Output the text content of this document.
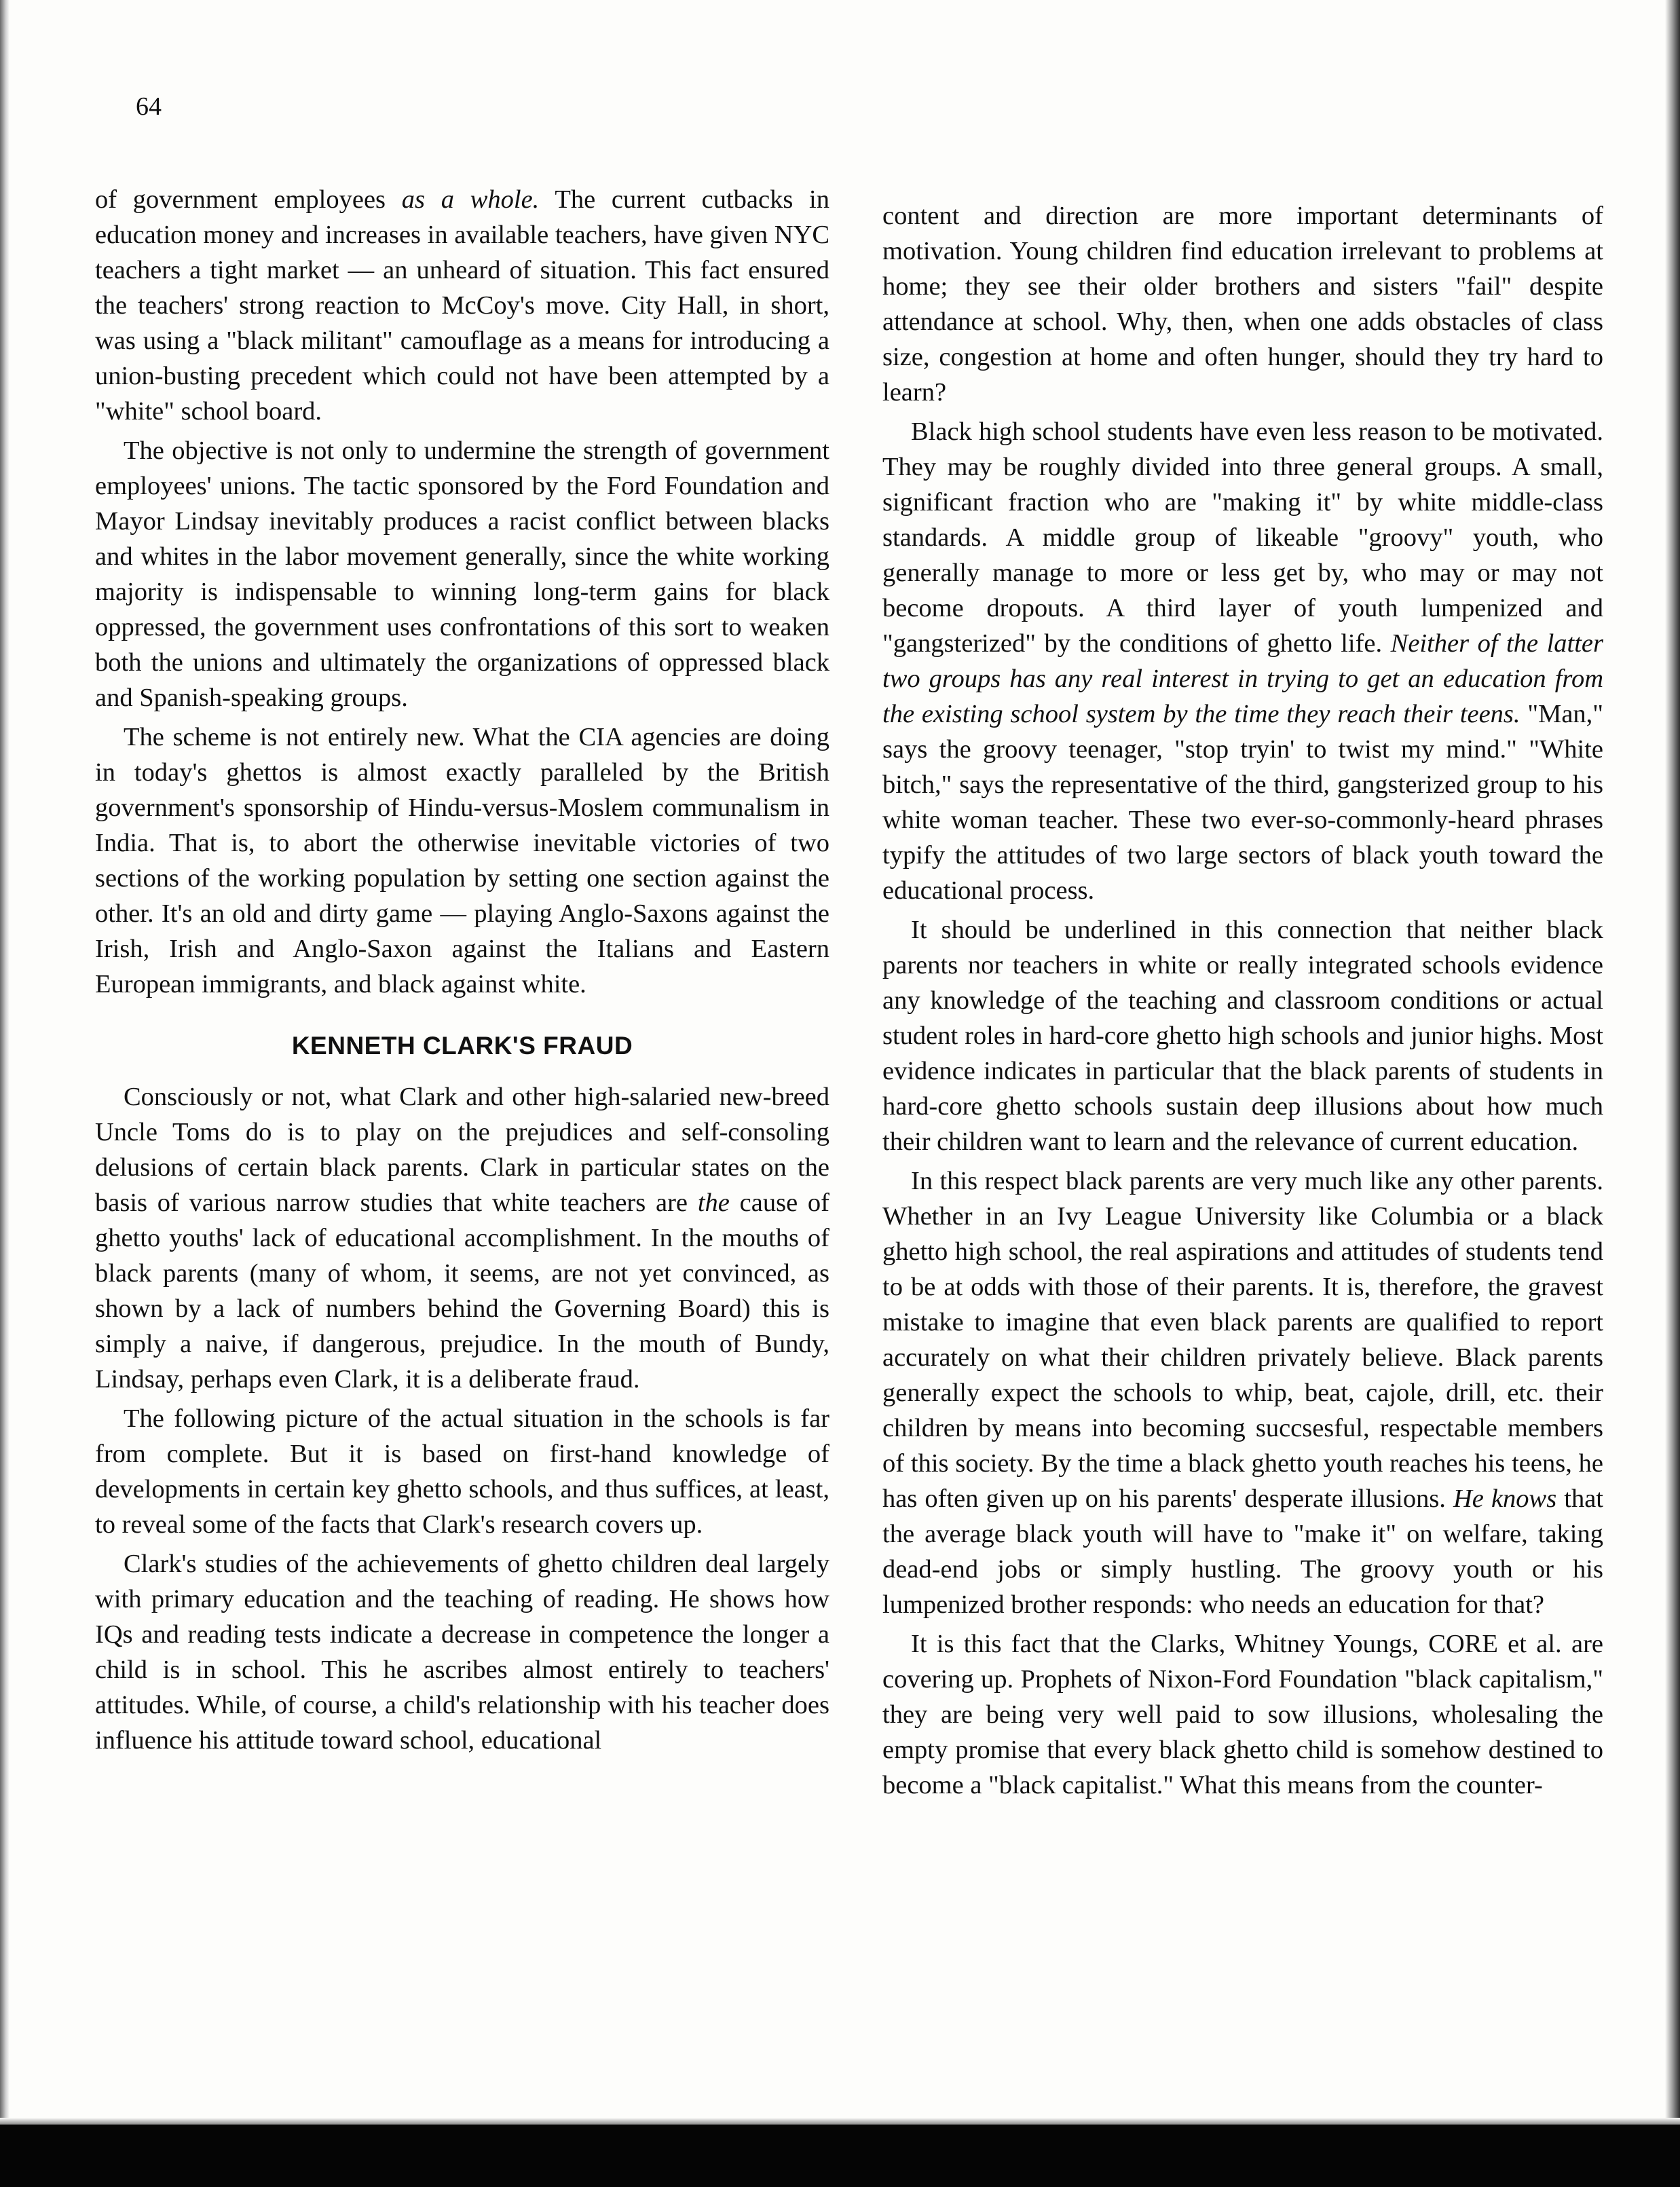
64

of government employees as a whole. The current cutbacks in education money and increases in available teachers, have given NYC teachers a tight market — an unheard of situation. This fact ensured the teachers' strong reaction to McCoy's move. City Hall, in short, was using a "black militant" camouflage as a means for introducing a union-busting precedent which could not have been attempted by a "white" school board.

The objective is not only to undermine the strength of government employees' unions. The tactic sponsored by the Ford Foundation and Mayor Lindsay inevitably produces a racist conflict between blacks and whites in the labor movement generally, since the white working majority is indispensable to winning long-term gains for black oppressed, the government uses confrontations of this sort to weaken both the unions and ultimately the organizations of oppressed black and Spanish-speaking groups.

The scheme is not entirely new. What the CIA agencies are doing in today's ghettos is almost exactly paralleled by the British government's sponsorship of Hindu-versus-Moslem communalism in India. That is, to abort the otherwise inevitable victories of two sections of the working population by setting one section against the other. It's an old and dirty game — playing Anglo-Saxons against the Irish, Irish and Anglo-Saxon against the Italians and Eastern European immigrants, and black against white.

KENNETH CLARK'S FRAUD

Consciously or not, what Clark and other high-salaried new-breed Uncle Toms do is to play on the prejudices and self-consoling delusions of certain black parents. Clark in particular states on the basis of various narrow studies that white teachers are the cause of ghetto youths' lack of educational accomplishment. In the mouths of black parents (many of whom, it seems, are not yet convinced, as shown by a lack of numbers behind the Governing Board) this is simply a naive, if dangerous, prejudice. In the mouth of Bundy, Lindsay, perhaps even Clark, it is a deliberate fraud.

The following picture of the actual situation in the schools is far from complete. But it is based on first-hand knowledge of developments in certain key ghetto schools, and thus suffices, at least, to reveal some of the facts that Clark's research covers up.

Clark's studies of the achievements of ghetto children deal largely with primary education and the teaching of reading. He shows how IQs and reading tests indicate a decrease in competence the longer a child is in school. This he ascribes almost entirely to teachers' attitudes. While, of course, a child's relationship with his teacher does influence his attitude toward school, educational

content and direction are more important determinants of motivation. Young children find education irrelevant to problems at home; they see their older brothers and sisters "fail" despite attendance at school. Why, then, when one adds obstacles of class size, congestion at home and often hunger, should they try hard to learn?

Black high school students have even less reason to be motivated. They may be roughly divided into three general groups. A small, significant fraction who are "making it" by white middle-class standards. A middle group of likeable "groovy" youth, who generally manage to more or less get by, who may or may not become dropouts. A third layer of youth lumpenized and "gangsterized" by the conditions of ghetto life. Neither of the latter two groups has any real interest in trying to get an education from the existing school system by the time they reach their teens. "Man," says the groovy teenager, "stop tryin' to twist my mind." "White bitch," says the representative of the third, gangsterized group to his white woman teacher. These two ever-so-commonly-heard phrases typify the attitudes of two large sectors of black youth toward the educational process.

It should be underlined in this connection that neither black parents nor teachers in white or really integrated schools evidence any knowledge of the teaching and classroom conditions or actual student roles in hard-core ghetto high schools and junior highs. Most evidence indicates in particular that the black parents of students in hard-core ghetto schools sustain deep illusions about how much their children want to learn and the relevance of current education.

In this respect black parents are very much like any other parents. Whether in an Ivy League University like Columbia or a black ghetto high school, the real aspirations and attitudes of students tend to be at odds with those of their parents. It is, therefore, the gravest mistake to imagine that even black parents are qualified to report accurately on what their children privately believe. Black parents generally expect the schools to whip, beat, cajole, drill, etc. their children by means into becoming succsesful, respectable members of this society. By the time a black ghetto youth reaches his teens, he has often given up on his parents' desperate illusions. He knows that the average black youth will have to "make it" on welfare, taking dead-end jobs or simply hustling. The groovy youth or his lumpenized brother responds: who needs an education for that?

It is this fact that the Clarks, Whitney Youngs, CORE et al. are covering up. Prophets of Nixon-Ford Foundation "black capitalism," they are being very well paid to sow illusions, wholesaling the empty promise that every black ghetto child is somehow destined to become a "black capitalist." What this means from the counter-
